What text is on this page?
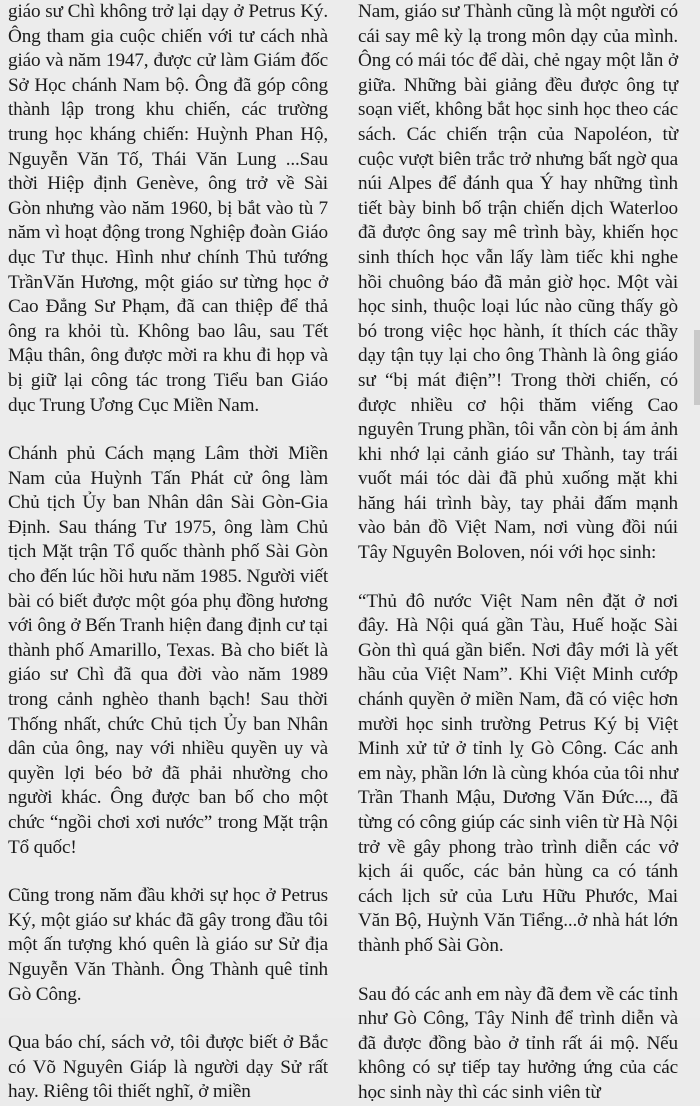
giáo sư Chì không trở lại dạy ở Petrus Ký. Ông tham gia cuộc chiến với tư cách nhà giáo và năm 1947, được cử làm Giám đốc Sở Học chánh Nam bộ. Ông đã góp công thành lập trong khu chiến, các trường trung học kháng chiến: Huỳnh Phan Hộ, Nguyễn Văn Tố, Thái Văn Lung ...Sau thời Hiệp định Genève, ông trở về Sài Gòn nhưng vào năm 1960, bị bắt vào tù 7 năm vì hoạt động trong Nghiệp đoàn Giáo dục Tư thục. Hình như chính Thủ tướng TrầnVăn Hương, một giáo sư từng học ở Cao Đẳng Sư Phạm, đã can thiệp để thả ông ra khỏi tù. Không bao lâu, sau Tết Mậu thân, ông được mời ra khu đi họp và bị giữ lại công tác trong Tiểu ban Giáo dục Trung Ương Cục Miền Nam.

Chánh phủ Cách mạng Lâm thời Miền Nam của Huỳnh Tấn Phát cử ông làm Chủ tịch Ủy ban Nhân dân Sài Gòn-Gia Định. Sau tháng Tư 1975, ông làm Chủ tịch Mặt trận Tổ quốc thành phố Sài Gòn cho đến lúc hồi hưu năm 1985. Người viết bài có biết được một góa phụ đồng hương với ông ở Bến Tranh hiện đang định cư tại thành phố Amarillo, Texas. Bà cho biết là giáo sư Chì đã qua đời vào năm 1989 trong cảnh nghèo thanh bạch! Sau thời Thống nhất, chức Chủ tịch Ủy ban Nhân dân của ông, nay với nhiều quyền uy và quyền lợi béo bở đã phải nhường cho người khác. Ông được ban bố cho một chức “ngồi chơi xơi nước” trong Mặt trận Tổ quốc!

Cũng trong năm đầu khởi sự học ở Petrus Ký, một giáo sư khác đã gây trong đầu tôi một ấn tượng khó quên là giáo sư Sử địa Nguyễn Văn Thành. Ông Thành quê tỉnh Gò Công.

Qua báo chí, sách vở, tôi được biết ở Bắc có Võ Nguyên Giáp là người dạy Sử rất hay. Riêng tôi thiết nghĩ, ở miền

Nam, giáo sư Thành cũng là một người có cái say mê kỳ lạ trong môn dạy của mình. Ông có mái tóc để dài, chẻ ngay một lằn ở giữa. Những bài giảng đều được ông tự soạn viết, không bắt học sinh học theo các sách. Các chiến trận của Napoléon, từ cuộc vượt biên trắc trở nhưng bất ngờ qua núi Alpes để đánh qua Ý hay những tình tiết bày binh bố trận chiến dịch Waterloo đã được ông say mê trình bày, khiến học sinh thích học vẫn lấy làm tiếc khi nghe hồi chuông báo đã mản giờ học. Một vài học sinh, thuộc loại lúc nào cũng thấy gò bó trong việc học hành, ít thích các thầy dạy tận tụy lại cho ông Thành là ông giáo sư “bị mát điện”! Trong thời chiến, có được nhiều cơ hội thăm viếng Cao nguyên Trung phần, tôi vẫn còn bị ám ảnh khi nhớ lại cảnh giáo sư Thành, tay trái vuốt mái tóc dài đã phủ xuống mặt khi hăng hái trình bày, tay phải đấm mạnh vào bản đồ Việt Nam, nơi vùng đồi núi Tây Nguyên Boloven, nói với học sinh:

“Thủ đô nước Việt Nam nên đặt ở nơi đây. Hà Nội quá gần Tàu, Huế hoặc Sài Gòn thì quá gần biển. Nơi đây mới là yết hầu của Việt Nam”. Khi Việt Minh cướp chánh quyền ở miền Nam, đã có việc hơn mười học sinh trường Petrus Ký bị Việt Minh xử tử ở tỉnh lỵ Gò Công. Các anh em này, phần lớn là cùng khóa của tôi như Trần Thanh Mậu, Dương Văn Đức..., đã từng có công giúp các sinh viên từ Hà Nội trở về gây phong trào trình diễn các vở kịch ái quốc, các bản hùng ca có tánh cách lịch sử của Lưu Hữu Phước, Mai Văn Bộ, Huỳnh Văn Tiểng...ở nhà hát lớn thành phố Sài Gòn.

Sau đó các anh em này đã đem về các tỉnh như Gò Công, Tây Ninh để trình diễn và đã được đồng bào ở tỉnh rất ái mộ. Nếu không có sự tiếp tay hưởng ứng của các học sinh này thì các sinh viên từ
